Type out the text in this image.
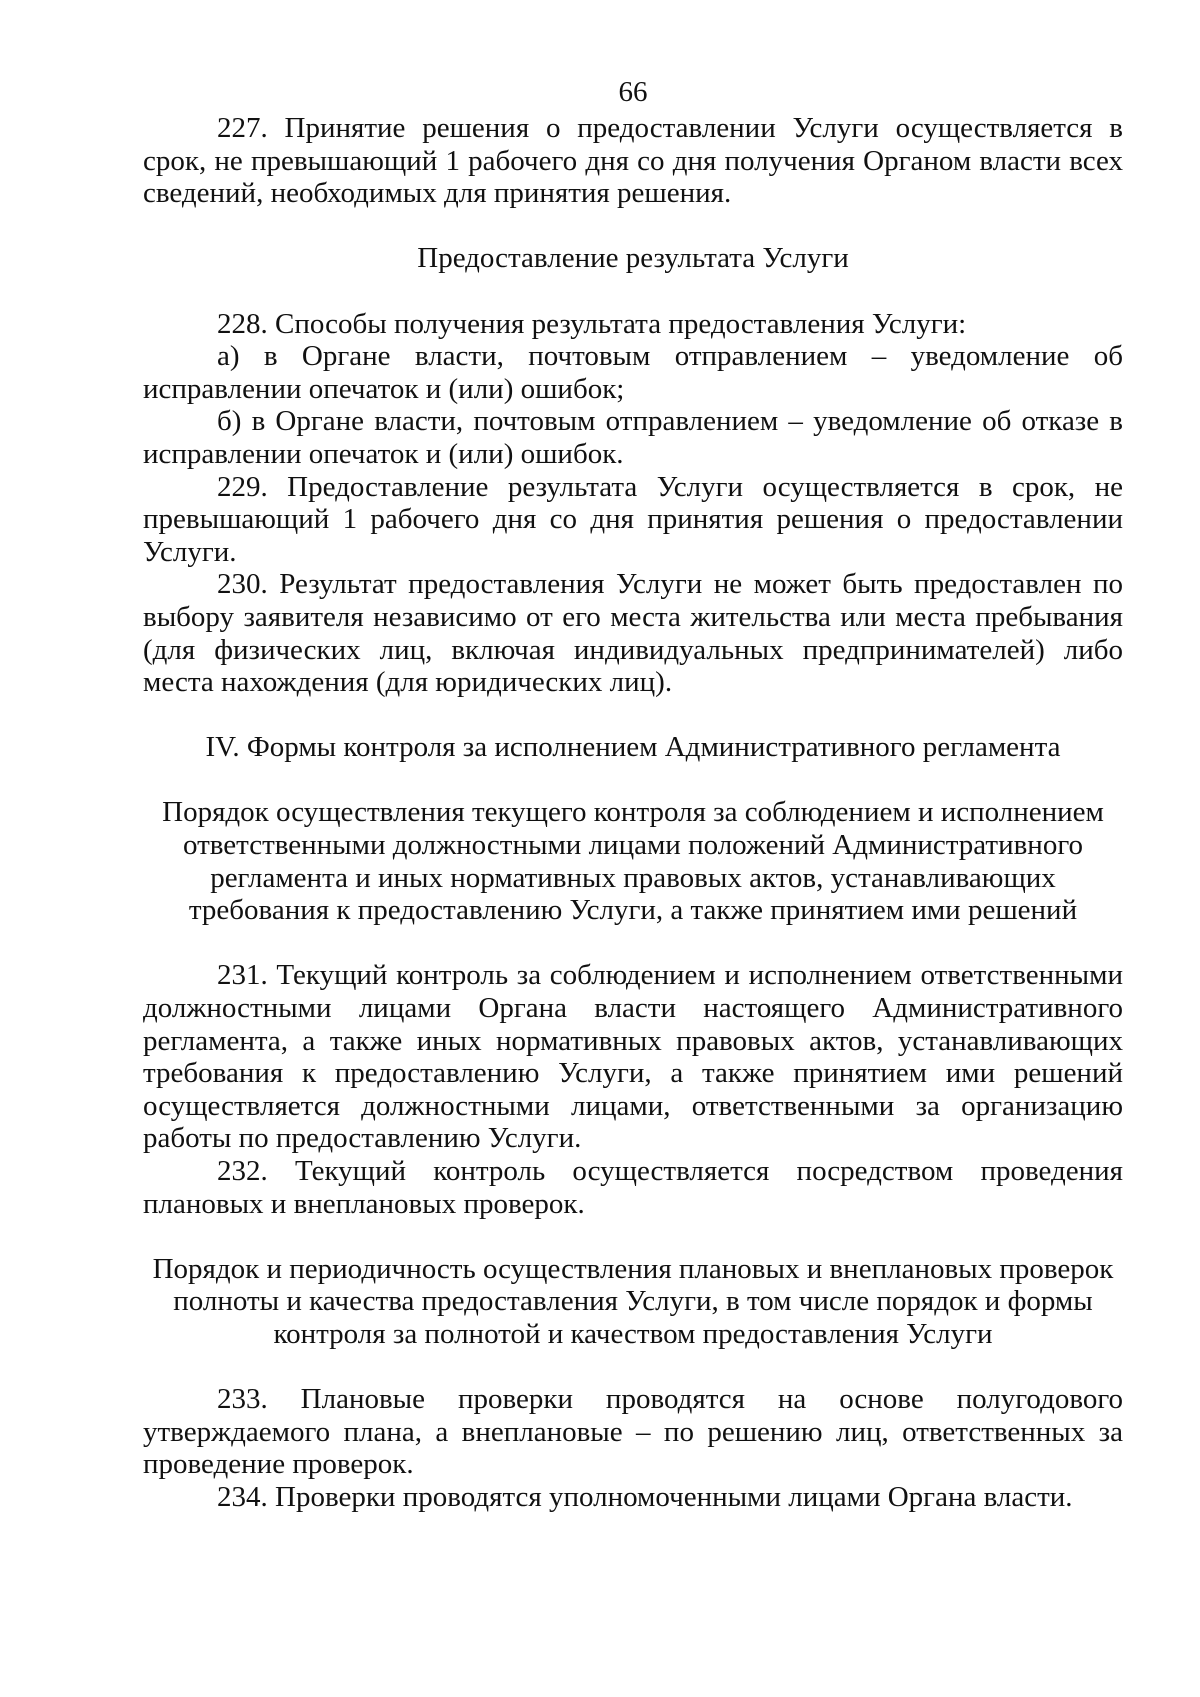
66

227. Принятие решения о предоставлении Услуги осуществляется в срок, не превышающий 1 рабочего дня со дня получения Органом власти всех сведений, необходимых для принятия решения.

Предоставление результата Услуги

228. Способы получения результата предоставления Услуги:

а) в Органе власти, почтовым отправлением – уведомление об исправлении опечаток и (или) ошибок;

б) в Органе власти, почтовым отправлением – уведомление об отказе в исправлении опечаток и (или) ошибок.

229. Предоставление результата Услуги осуществляется в срок, не превышающий 1 рабочего дня со дня принятия решения о предоставлении Услуги.

230. Результат предоставления Услуги не может быть предоставлен по выбору заявителя независимо от его места жительства или места пребывания (для физических лиц, включая индивидуальных предпринимателей) либо места нахождения (для юридических лиц).

IV. Формы контроля за исполнением Административного регламента

Порядок осуществления текущего контроля за соблюдением и исполнением ответственными должностными лицами положений Административного регламента и иных нормативных правовых актов, устанавливающих требования к предоставлению Услуги, а также принятием ими решений

231. Текущий контроль за соблюдением и исполнением ответственными должностными лицами Органа власти настоящего Административного регламента, а также иных нормативных правовых актов, устанавливающих требования к предоставлению Услуги, а также принятием ими решений осуществляется должностными лицами, ответственными за организацию работы по предоставлению Услуги.

232. Текущий контроль осуществляется посредством проведения плановых и внеплановых проверок.

Порядок и периодичность осуществления плановых и внеплановых проверок полноты и качества предоставления Услуги, в том числе порядок и формы контроля за полнотой и качеством предоставления Услуги

233. Плановые проверки проводятся на основе полугодового утверждаемого плана, а внеплановые – по решению лиц, ответственных за проведение проверок.

234. Проверки проводятся уполномоченными лицами Органа власти.
